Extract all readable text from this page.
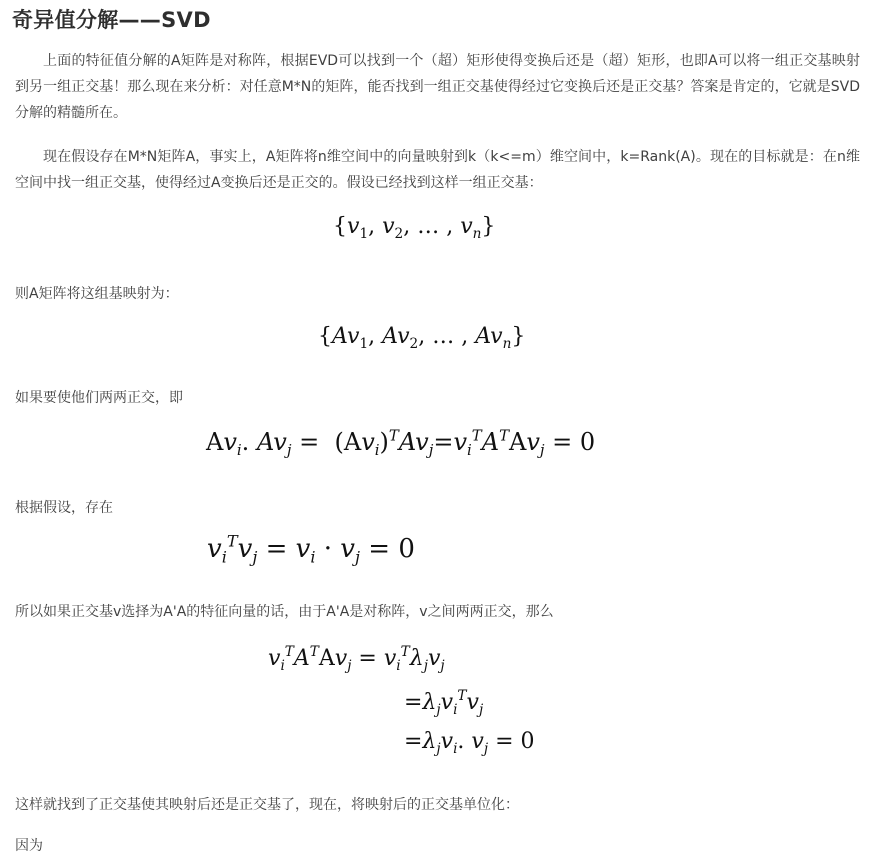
奇异值分解——SVD
上面的特征值分解的A矩阵是对称阵，根据EVD可以找到一个（超）矩形使得变换后还是（超）矩形，也即A可以将一组正交基映射到另一组正交基！那么现在来分析：对任意M*N的矩阵，能否找到一组正交基使得经过它变换后还是正交基？答案是肯定的，它就是SVD分解的精髓所在。
现在假设存在M*N矩阵A，事实上，A矩阵将n维空间中的向量映射到k（k<=m）维空间中，k=Rank(A)。现在的目标就是：在n维空间中找一组正交基，使得经过A变换后还是正交的。假设已经找到这样一组正交基：
{$v_1$, $v_2$, … , $v_n$}
则A矩阵将这组基映射为：
{$Av_1$, $Av_2$, … , $Av_n$}
如果要使他们两两正交，即
$Av_i$. $Av_j = (Av_i)^TAv_j=v_i^TA^TAv_j = 0$
根据假设，存在
$v_i^Tv_j = v_i \cdot v_j = 0$
所以如果正交基v选择为A'A的特征向量的话，由于A'A是对称阵，v之间两两正交，那么
$v_i^TA^TAv_j = v_i^T\lambda_jv_j$
$=\lambda_jv_i^Tv_j$
$=\lambda_jv_i$. $v_j = 0$
这样就找到了正交基使其映射后还是正交基了，现在，将映射后的正交基单位化：
因为
